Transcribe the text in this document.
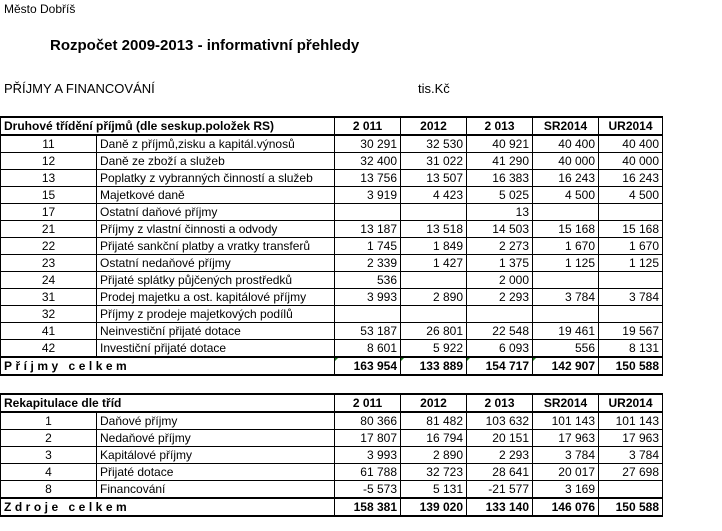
Město Dobříš
Rozpočet 2009-2013 - informativní přehledy
PŘÍJMY A FINANCOVÁNÍ	tis.Kč
Druhové třídění příjmů (dle seskup.položek RS)		2 011	2012	2 013	SR2014	UR2014
11	Daně z příjmů,zisku a kapitál.výnosů	30 291	32 530	40 921	40 400	40 400
12	Daně ze zboží a služeb	32 400	31 022	41 290	40 000	40 000
13	Poplatky z vybranných činností a služeb	13 756	13 507	16 383	16 243	16 243
15	Majetkové daně	3 919	4 423	5 025	4 500	4 500
17	Ostatní daňové příjmy			13		
21	Příjmy z vlastní činnosti a odvody	13 187	13 518	14 503	15 168	15 168
22	Přijaté sankční platby a vratky transferů	1 745	1 849	2 273	1 670	1 670
23	Ostatní nedaňové příjmy	2 339	1 427	1 375	1 125	1 125
24	Přijaté splátky půjčených prostředků	536		2 000		
31	Prodej majetku a ost. kapitálové příjmy	3 993	2 890	2 293	3 784	3 784
32	Příjmy z prodeje majetkových podílů					
41	Neinvestiční přijaté dotace	53 187	26 801	22 548	19 461	19 567
42	Investiční přijaté dotace	8 601	5 922	6 093	556	8 131
Příjmy celkem		163 954	133 889	154 717	142 907	150 588
Rekapitulace dle tříd		2 011	2012	2 013	SR2014	UR2014
1	Daňové příjmy	80 366	81 482	103 632	101 143	101 143
2	Nedaňové příjmy	17 807	16 794	20 151	17 963	17 963
3	Kapitálové příjmy	3 993	2 890	2 293	3 784	3 784
4	Přijaté dotace	61 788	32 723	28 641	20 017	27 698
8	Financování	-5 573	5 131	-21 577	3 169	
Zdroje celkem		158 381	139 020	133 140	146 076	150 588
